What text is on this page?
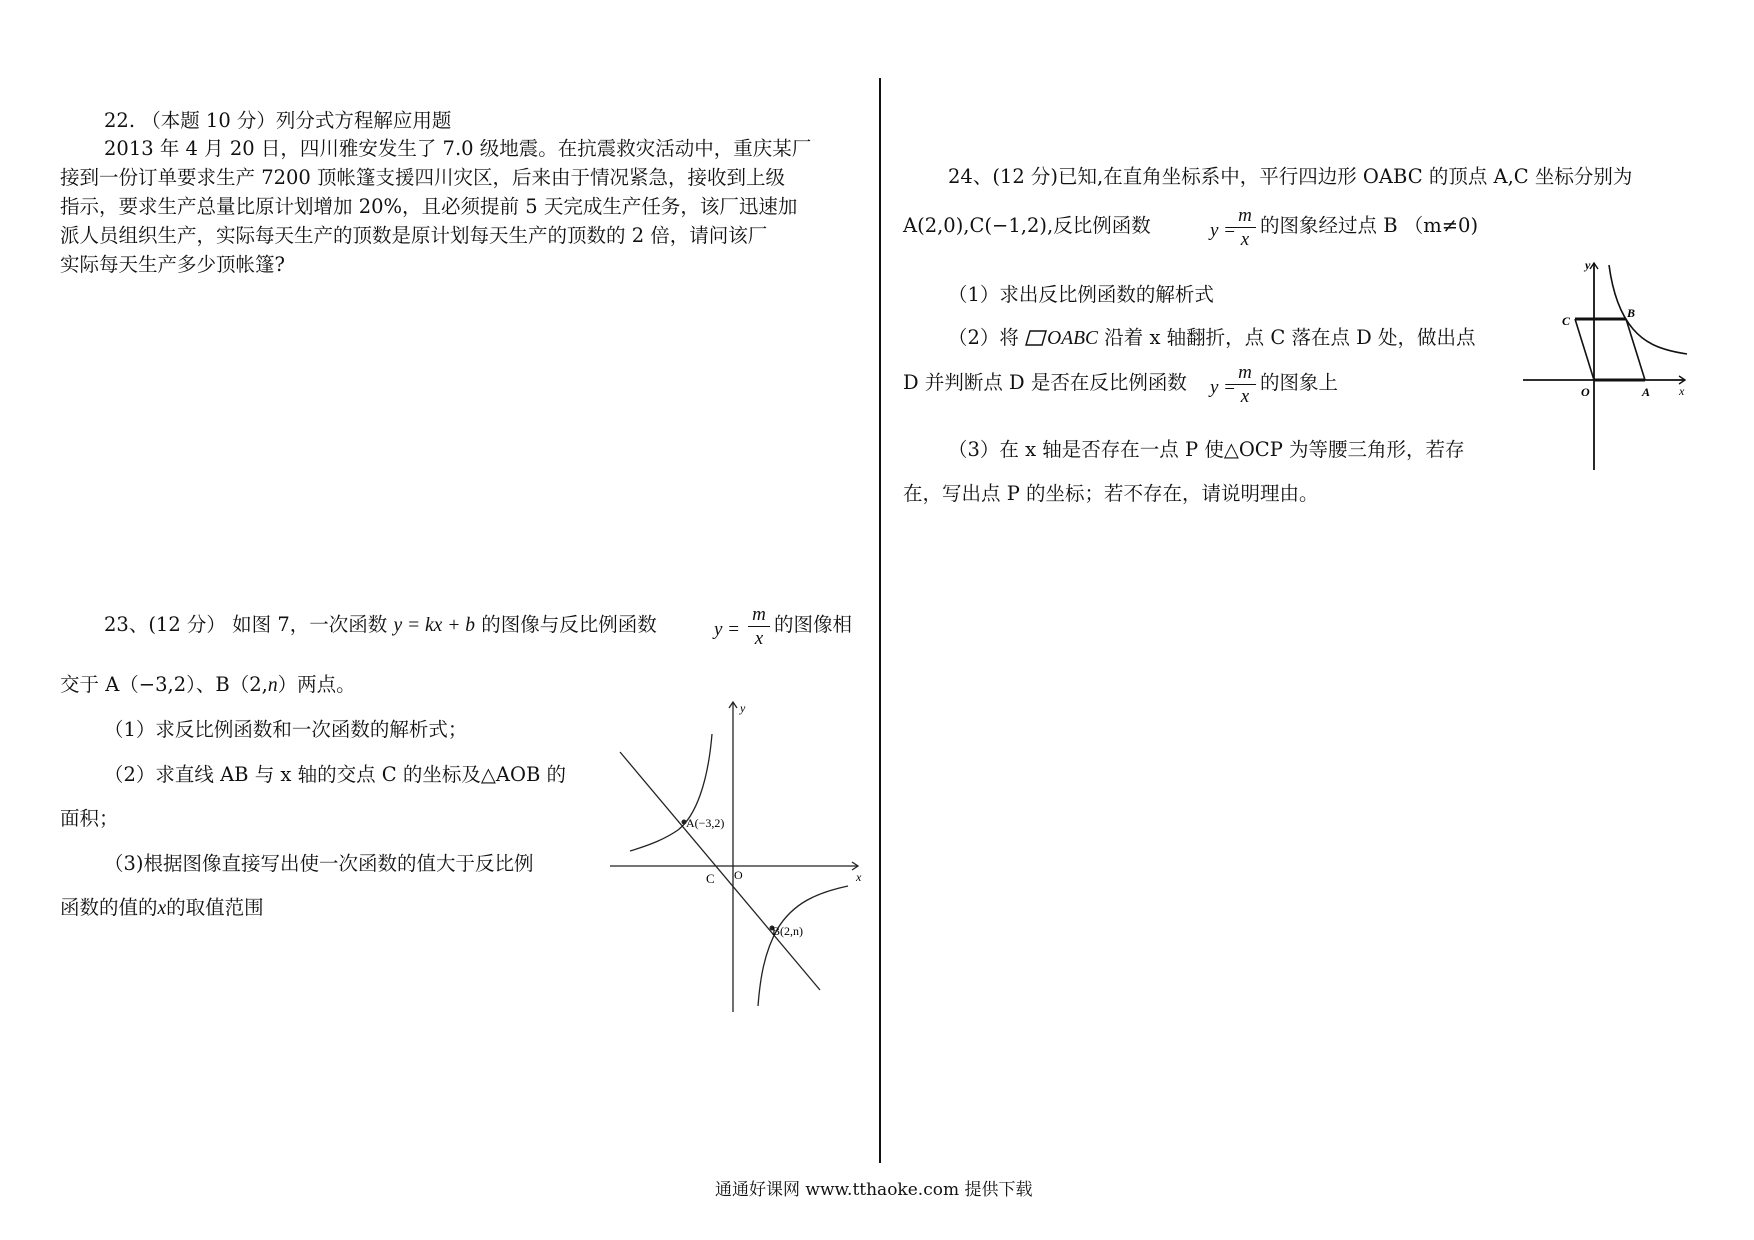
22. （本题 10 分）列分式方程解应用题
2013 年 4 月 20 日，四川雅安发生了 7.0 级地震。在抗震救灾活动中，重庆某厂
接到一份订单要求生产 7200 顶帐篷支援四川灾区，后来由于情况紧急，接收到上级
指示，要求生产总量比原计划增加 20%，且必须提前 5 天完成生产任务，该厂迅速加
派人员组织生产，实际每天生产的顶数是原计划每天生产的顶数的 2 倍，请问该厂
实际每天生产多少顶帐篷?
23、(12 分） 如图 7，一次函数 y = kx + b 的图像与反比例函数	$y = \frac{m}{x}$ 的图像相
交于 A（−3,2）、B（2,n）两点。
（1）求反比例函数和一次函数的解析式；
（2）求直线 AB 与 x 轴的交点 C 的坐标及△AOB 的
面积；
（3)根据图像直接写出使一次函数的值大于反比例
函数的值的x的取值范围
y
x
A(−3,2)
B(2,n)
C O
24、(12 分)已知,在直角坐标系中，平行四边形 OABC 的顶点 A,C 坐标分别为
A(2,0),C(−1,2),反比例函数	y =
$\frac{m}{x}$ 的图象经过点 B （m≠0)
（1）求出反比例函数的解析式
（2）将 OABC 沿着 x 轴翻折，点 C 落在点 D 处，做出点
D 并判断点 D 是否在反比例函数 y =
$\frac{m}{x}$ 的图象上
（3）在 x 轴是否存在一点 P 使△OCP 为等腰三角形，若存
在，写出点 P 的坐标；若不存在，请说明理由。
y
x
O	A
B
C
通通好课网 www.tthaoke.com 提供下载
